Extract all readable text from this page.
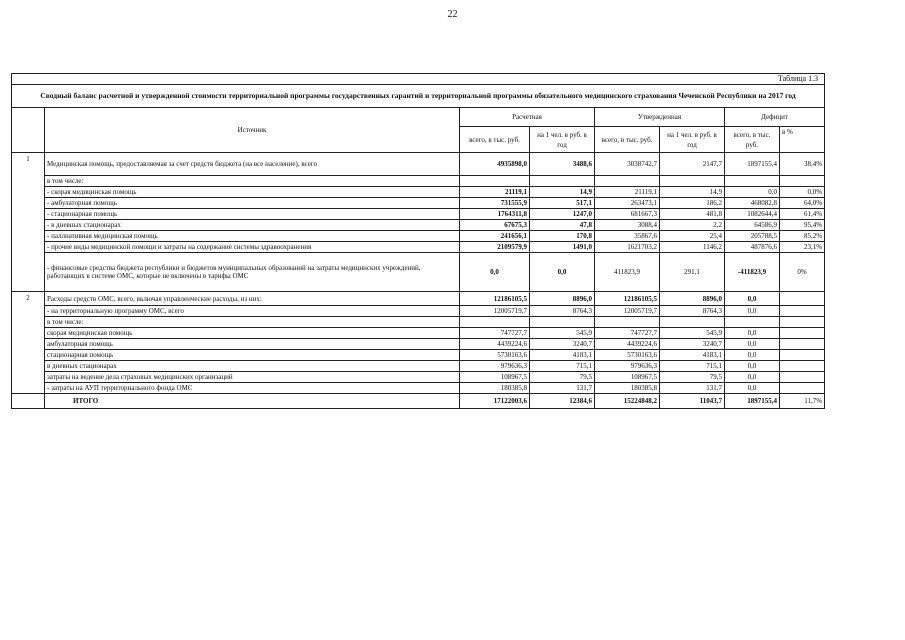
22
Таблица 1.3							
Сводный баланс расчетной и утвержденной стоимости территориальной программы государственных гарантий и территориальной программы обязательного медицинского страхования Чеченской Республики на 2017 год							
	Источник	Расчетная		Утвержденная		Дефицит	
		всего, в тыс. руб.	на 1 чел. в руб. в год	всего, в тыс. руб.	на 1 чел. в руб. в год	всего, в тыс. руб.	в %
1	Медицинская помощь, предоставляемая за счет средств бюджета (на все население), всего	4935898,0	3488,6	3038742,7	2147,7	1897155,4	38,4%
	в том числе:						
	- скорая медицинская помощь	21119,1	14,9	21119,1	14,9	0,0	0,0%
	- амбулаторная помощь	731555,9	517,1	263473,1	186,2	468082,8	64,0%
	- стационарная помощь	1764311,8	1247,0	681667,3	481,8	1082644,4	61,4%
	- в дневных стационарах	67675,3	47,8	3088,4	2,2	64586,9	95,4%
	- паллиативная медицинская помощь	241656,1	170,8	35867,6	25,4	205788,5	85,2%
	- прочие виды медицинской помощи и затраты на содержание системы здравоохранения	2109579,9	1491,0	1621703,2	1146,2	487876,6	23,1%
	- финансовые средства бюджета республики и бюджетов муниципальных образований на затраты медицинских учреждений, работающих в системе ОМС, которые не включены в тарифы ОМС	0,0	0,0	411823,9	291,1	-411823,9	0%
2	Расходы средств ОМС, всего, включая управленческие расходы, из них:	12186105,5	8896,0	12186105,5	8896,0	0,0	
	- на территориальную программу ОМС, всего	12005719,7	8764,3	12005719,7	8764,3	0,0	
	в том числе:						
	скорая медицинская помощь	747727,7	545,9	747727,7	545,9	0,0	
	амбулаторная помощь	4439224,6	3240,7	4439224,6	3240,7	0,0	
	стационарная помощь	5730163,6	4183,1	5730163,6	4183,1	0,0	
	в дневных стационарах	979636,3	715,1	979636,3	715,1	0,0	
	затраты на ведение дела страховых медицинских организаций	108967,5	79,5	108967,5	79,5	0,0	
	- затраты на АУП территориального фонда ОМС	180385,8	131,7	180385,8	131,7	0,0	
	ИТОГО	17122003,6	12384,6	15224848,2	11043,7	1897155,4	11,7%
